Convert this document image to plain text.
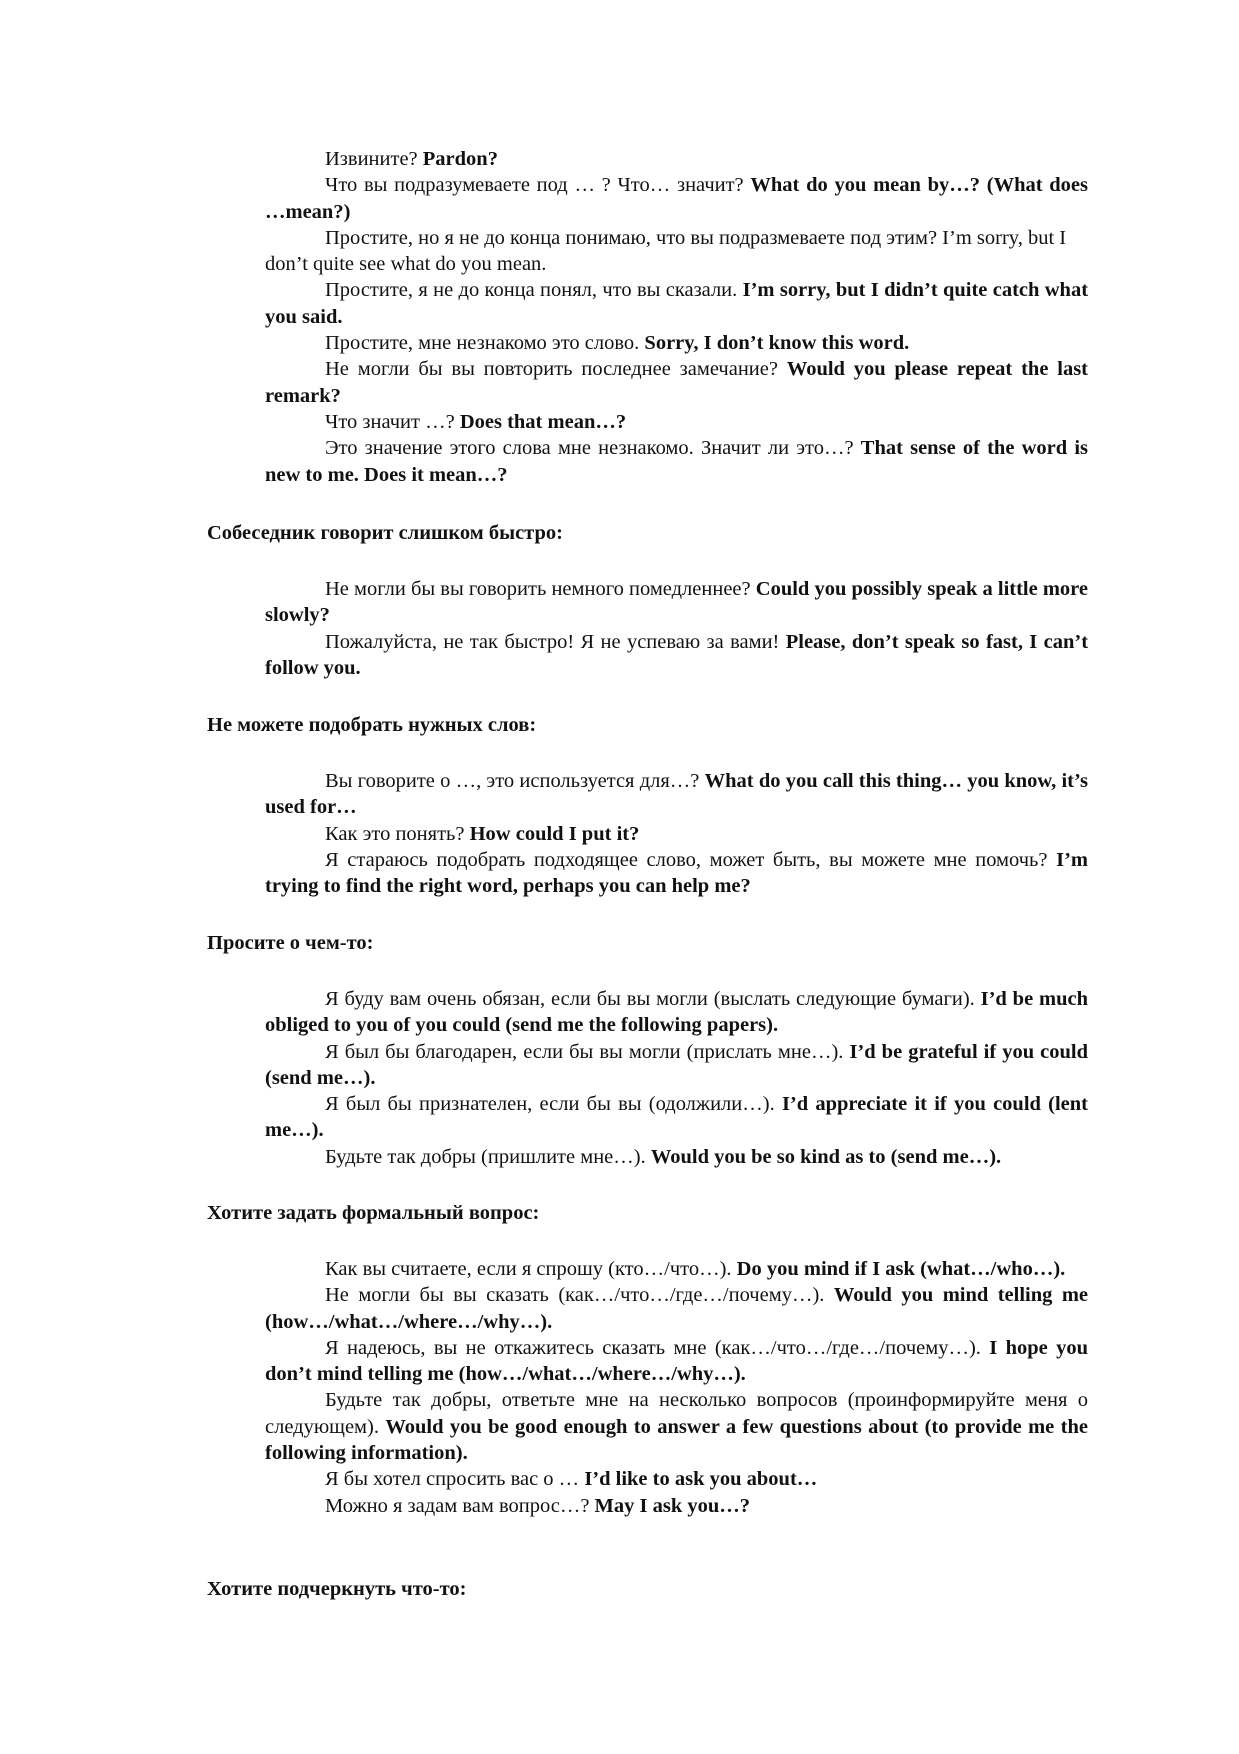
Извините? Pardon?

Что вы подразумеваете под … ? Что… значит? What do you mean by…? (What does …mean?)

Простите, но я не до конца понимаю, что вы подразмеваете под этим? I’m sorry, but I don’t quite see what do you mean.

Простите, я не до конца понял, что вы сказали. I’m sorry, but I didn’t quite catch what you said.

Простите, мне незнакомо это слово. Sorry, I don’t know this word.

Не могли бы вы повторить последнее замечание? Would you please repeat the last remark?

Что значит …? Does that mean…?

Это значение этого слова мне незнакомо. Значит ли это…? That sense of the word is new to me. Does it mean…?

Собеседник говорит слишком быстро:

Не могли бы вы говорить немного помедленнее? Could you possibly speak a little more slowly?

Пожалуйста, не так быстро! Я не успеваю за вами! Please, don’t speak so fast, I can’t follow you.

Не можете подобрать нужных слов:

Вы говорите о …, это используется для…? What do you call this thing… you know, it’s used for…

Как это понять? How could I put it?

Я стараюсь подобрать подходящее слово, может быть, вы можете мне помочь? I’m trying to find the right word, perhaps you can help me?

Просите о чем-то:

Я буду вам очень обязан, если бы вы могли (выслать следующие бумаги). I’d be much obliged to you of you could (send me the following papers).

Я был бы благодарен, если бы вы могли (прислать мне…). I’d be grateful if you could (send me…).

Я был бы признателен, если бы вы (одолжили…). I’d appreciate it if you could (lent me…).

Будьте так добры (пришлите мне…). Would you be so kind as to (send me…).

Хотите задать формальный вопрос:

Как вы считаете, если я спрошу (кто…/что…). Do you mind if I ask (what…/who…).

Не могли бы вы сказать (как…/что…/где…/почему…). Would you mind telling me (how…/what…/where…/why…).

Я надеюсь, вы не откажитесь сказать мне (как…/что…/где…/почему…). I hope you don’t mind telling me (how…/what…/where…/why…).

Будьте так добры, ответьте мне на несколько вопросов (проинформируйте меня о следующем). Would you be good enough to answer a few questions about (to provide me the following information).

Я бы хотел спросить вас о … I’d like to ask you about…

Можно я задам вам вопрос…? May I ask you…?

Хотите подчеркнуть что-то:
